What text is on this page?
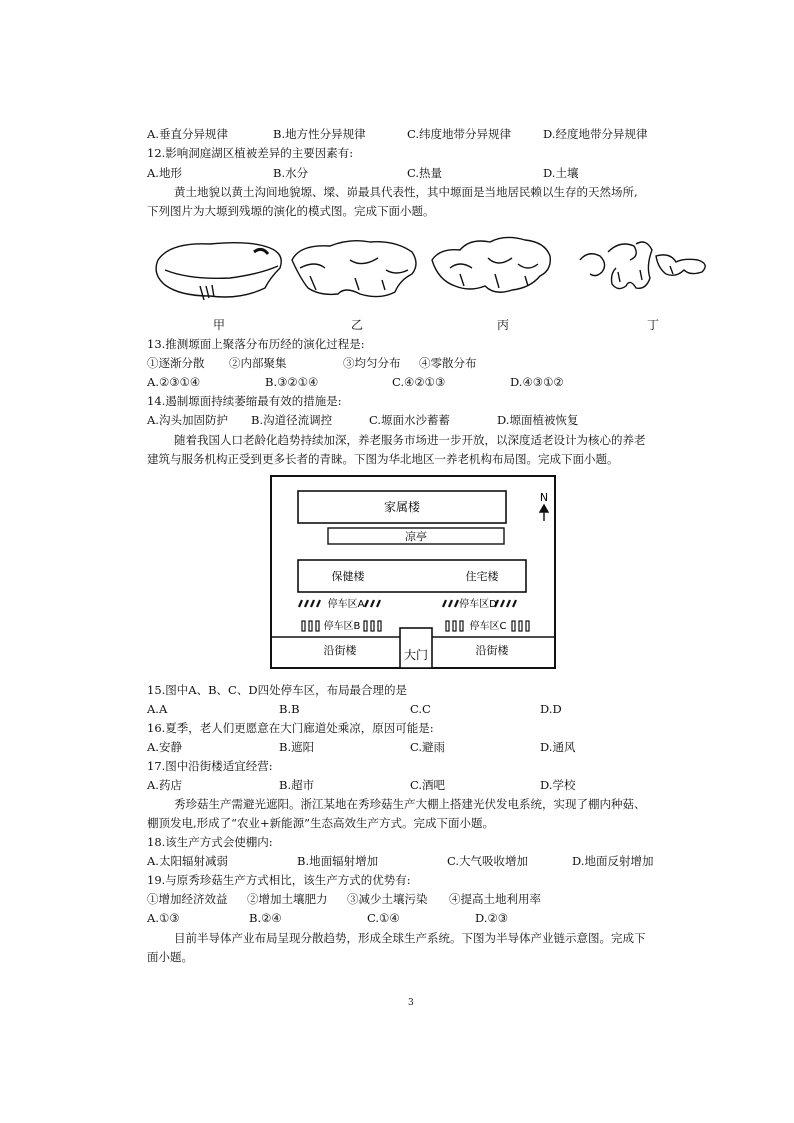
A.垂直分异规律	B.地方性分异规律	C.纬度地带分异规律	D.经度地带分异规律
12.影响洞庭湖区植被差异的主要因素有:
A.地形	B.水分	C.热量	D.土壤
黄土地貌以黄土沟间地貌塬、墚、峁最具代表性，其中塬面是当地居民赖以生存的天然场所,
下列图片为大塬到残塬的演化的模式图。完成下面小题。
甲	乙	丙	丁
13.推测塬面上聚落分布历经的演化过程是:
①逐渐分散 ②内部聚集	③均匀分布 ④零散分布
A.②③①④	B.③②①④	C.④②①③	D.④③①②
14.遏制塬面持续萎缩最有效的措施是:
A.沟头加固防护 B.沟道径流调控	C.塬面水沙蓄蓄	D.塬面植被恢复
随着我国人口老龄化趋势持续加深，养老服务市场进一步开放，以深度适老设计为核心的养老
建筑与服务机构正受到更多长者的青睐。下图为华北地区一养老机构布局图。完成下面小题。
家属楼
N
凉亭
保健楼	住宅楼
停车区A	停车区D
停车区B	停车区C
大门
沿街楼	沿街楼
15.图中A、B、C、D四处停车区，布局最合理的是
A.A	B.B	C.C	D.D
16.夏季，老人们更愿意在大门廊道处乘凉，原因可能是:
A.安静	B.遮阳	C.避雨	D.通风
17.图中沿街楼适宜经营:
A.药店	B.超市	C.酒吧	D.学校
秀珍菇生产需避光遮阳。浙江某地在秀珍菇生产大棚上搭建光伏发电系统，实现了棚内种菇、
棚顶发电,形成了“农业+新能源”生态高效生产方式。完成下面小题。
18.该生产方式会使棚内:
A.太阳辐射减弱	B.地面辐射增加	C.大气吸收增加	D.地面反射增加
19.与原秀珍菇生产方式相比，该生产方式的优势有:
①增加经济效益 ②增加土壤肥力 ③减少土壤污染 ④提高土地利用率
A.①③	B.②④	C.①④	D.②③
目前半导体产业布局呈现分散趋势，形成全球生产系统。下图为半导体产业链示意图。完成下
面小题。
3
